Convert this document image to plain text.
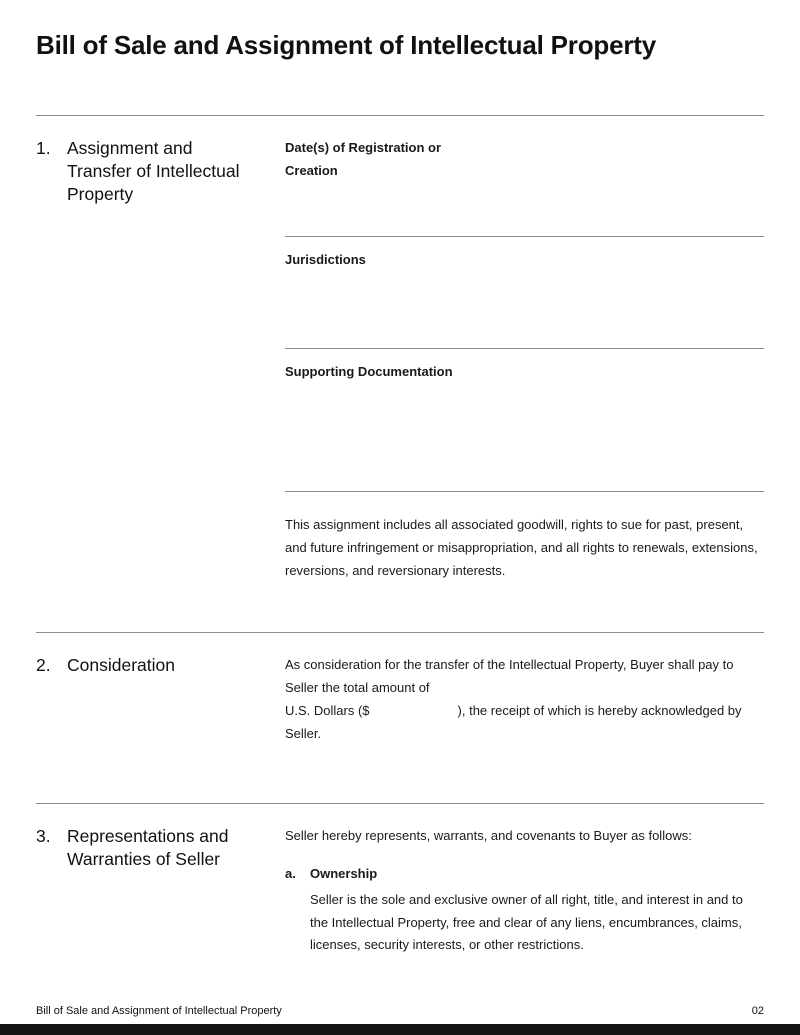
Bill of Sale and Assignment of Intellectual Property
1. Assignment and Transfer of Intellectual Property
Date(s) of Registration or Creation
Jurisdictions
Supporting Documentation

This assignment includes all associated goodwill, rights to sue for past, present, and future infringement or misappropriation, and all rights to renewals, extensions, reversions, and reversionary interests.

2. Consideration	As consideration for the transfer of the Intellectual Property, Buyer shall pay to Seller the total amount of
U.S. Dollars ($	), the receipt of which is hereby acknowledged by Seller.

3. Representations and Warranties of Seller

Seller hereby represents, warrants, and covenants to Buyer as follows:

a.	Ownership

Seller is the sole and exclusive owner of all right, title, and interest in and to the Intellectual Property, free and clear of any liens, encumbrances, claims, licenses, security interests, or other restrictions.

Bill of Sale and Assignment of Intellectual Property	02
